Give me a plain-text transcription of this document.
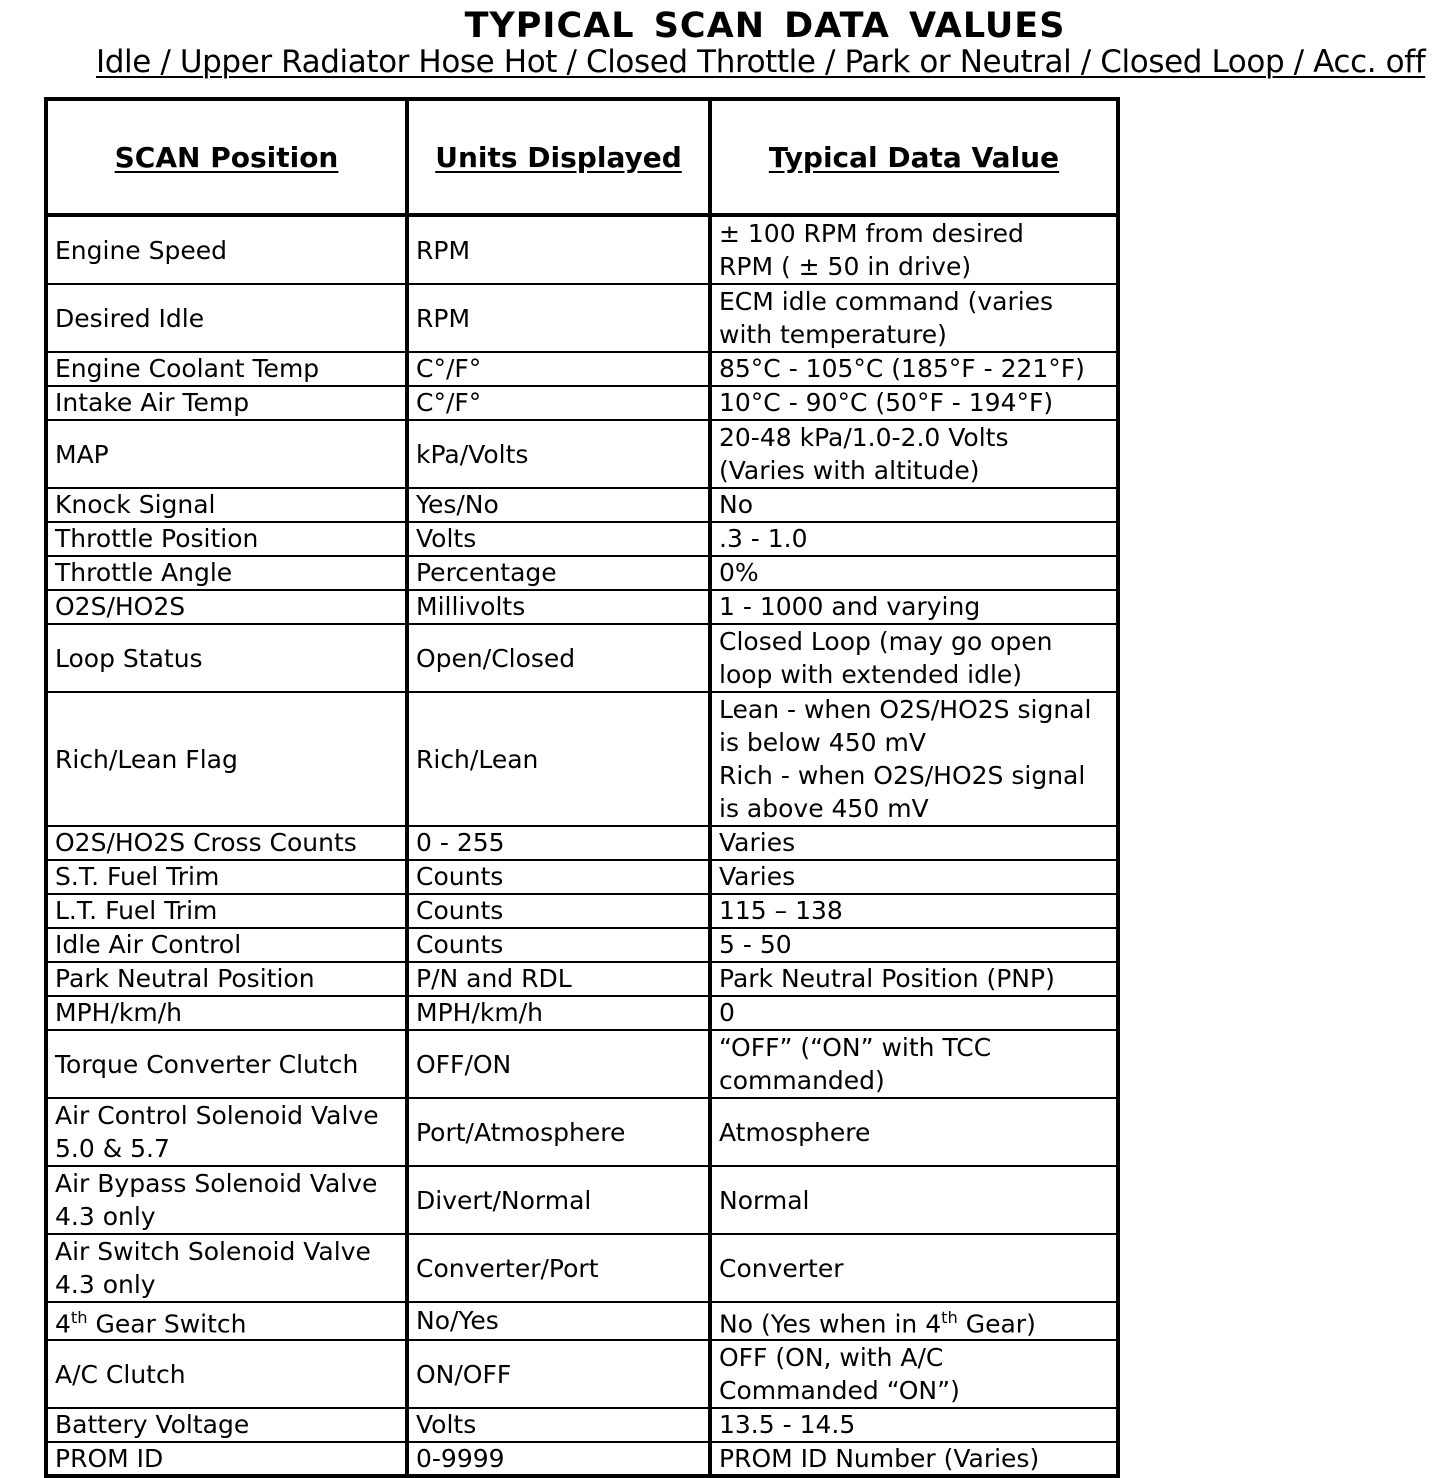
TYPICAL SCAN DATA VALUES
Idle / Upper Radiator Hose Hot / Closed Throttle / Park or Neutral / Closed Loop / Acc. off
SCAN Position	Units Displayed	Typical Data Value
Engine Speed	RPM	± 100 RPM from desired
RPM ( ± 50 in drive)
Desired Idle	RPM	ECM idle command (varies
with temperature)
Engine Coolant Temp	C°/F°	85°C - 105°C (185°F - 221°F)
Intake Air Temp	C°/F°	10°C - 90°C (50°F - 194°F)
MAP	kPa/Volts	20-48 kPa/1.0-2.0 Volts
(Varies with altitude)
Knock Signal	Yes/No	No
Throttle Position	Volts	.3 - 1.0
Throttle Angle	Percentage	0%
O2S/HO2S	Millivolts	1 - 1000 and varying
Loop Status	Open/Closed	Closed Loop (may go open
loop with extended idle)
Rich/Lean Flag	Rich/Lean	Lean - when O2S/HO2S signal
is below 450 mV
Rich - when O2S/HO2S signal
is above 450 mV
O2S/HO2S Cross Counts	0 - 255	Varies
S.T. Fuel Trim	Counts	Varies
L.T. Fuel Trim	Counts	115 – 138
Idle Air Control	Counts	5 - 50
Park Neutral Position	P/N and RDL	Park Neutral Position (PNP)
MPH/km/h	MPH/km/h	0
Torque Converter Clutch	OFF/ON	“OFF” (“ON” with TCC
commanded)
Air Control Solenoid Valve
5.0 & 5.7	Port/Atmosphere	Atmosphere
Air Bypass Solenoid Valve
4.3 only	Divert/Normal	Normal
Air Switch Solenoid Valve
4.3 only	Converter/Port	Converter
4th Gear Switch	No/Yes	No (Yes when in 4th Gear)
A/C Clutch	ON/OFF	OFF (ON, with A/C
Commanded “ON”)
Battery Voltage	Volts	13.5 - 14.5
PROM ID	0-9999	PROM ID Number (Varies)
